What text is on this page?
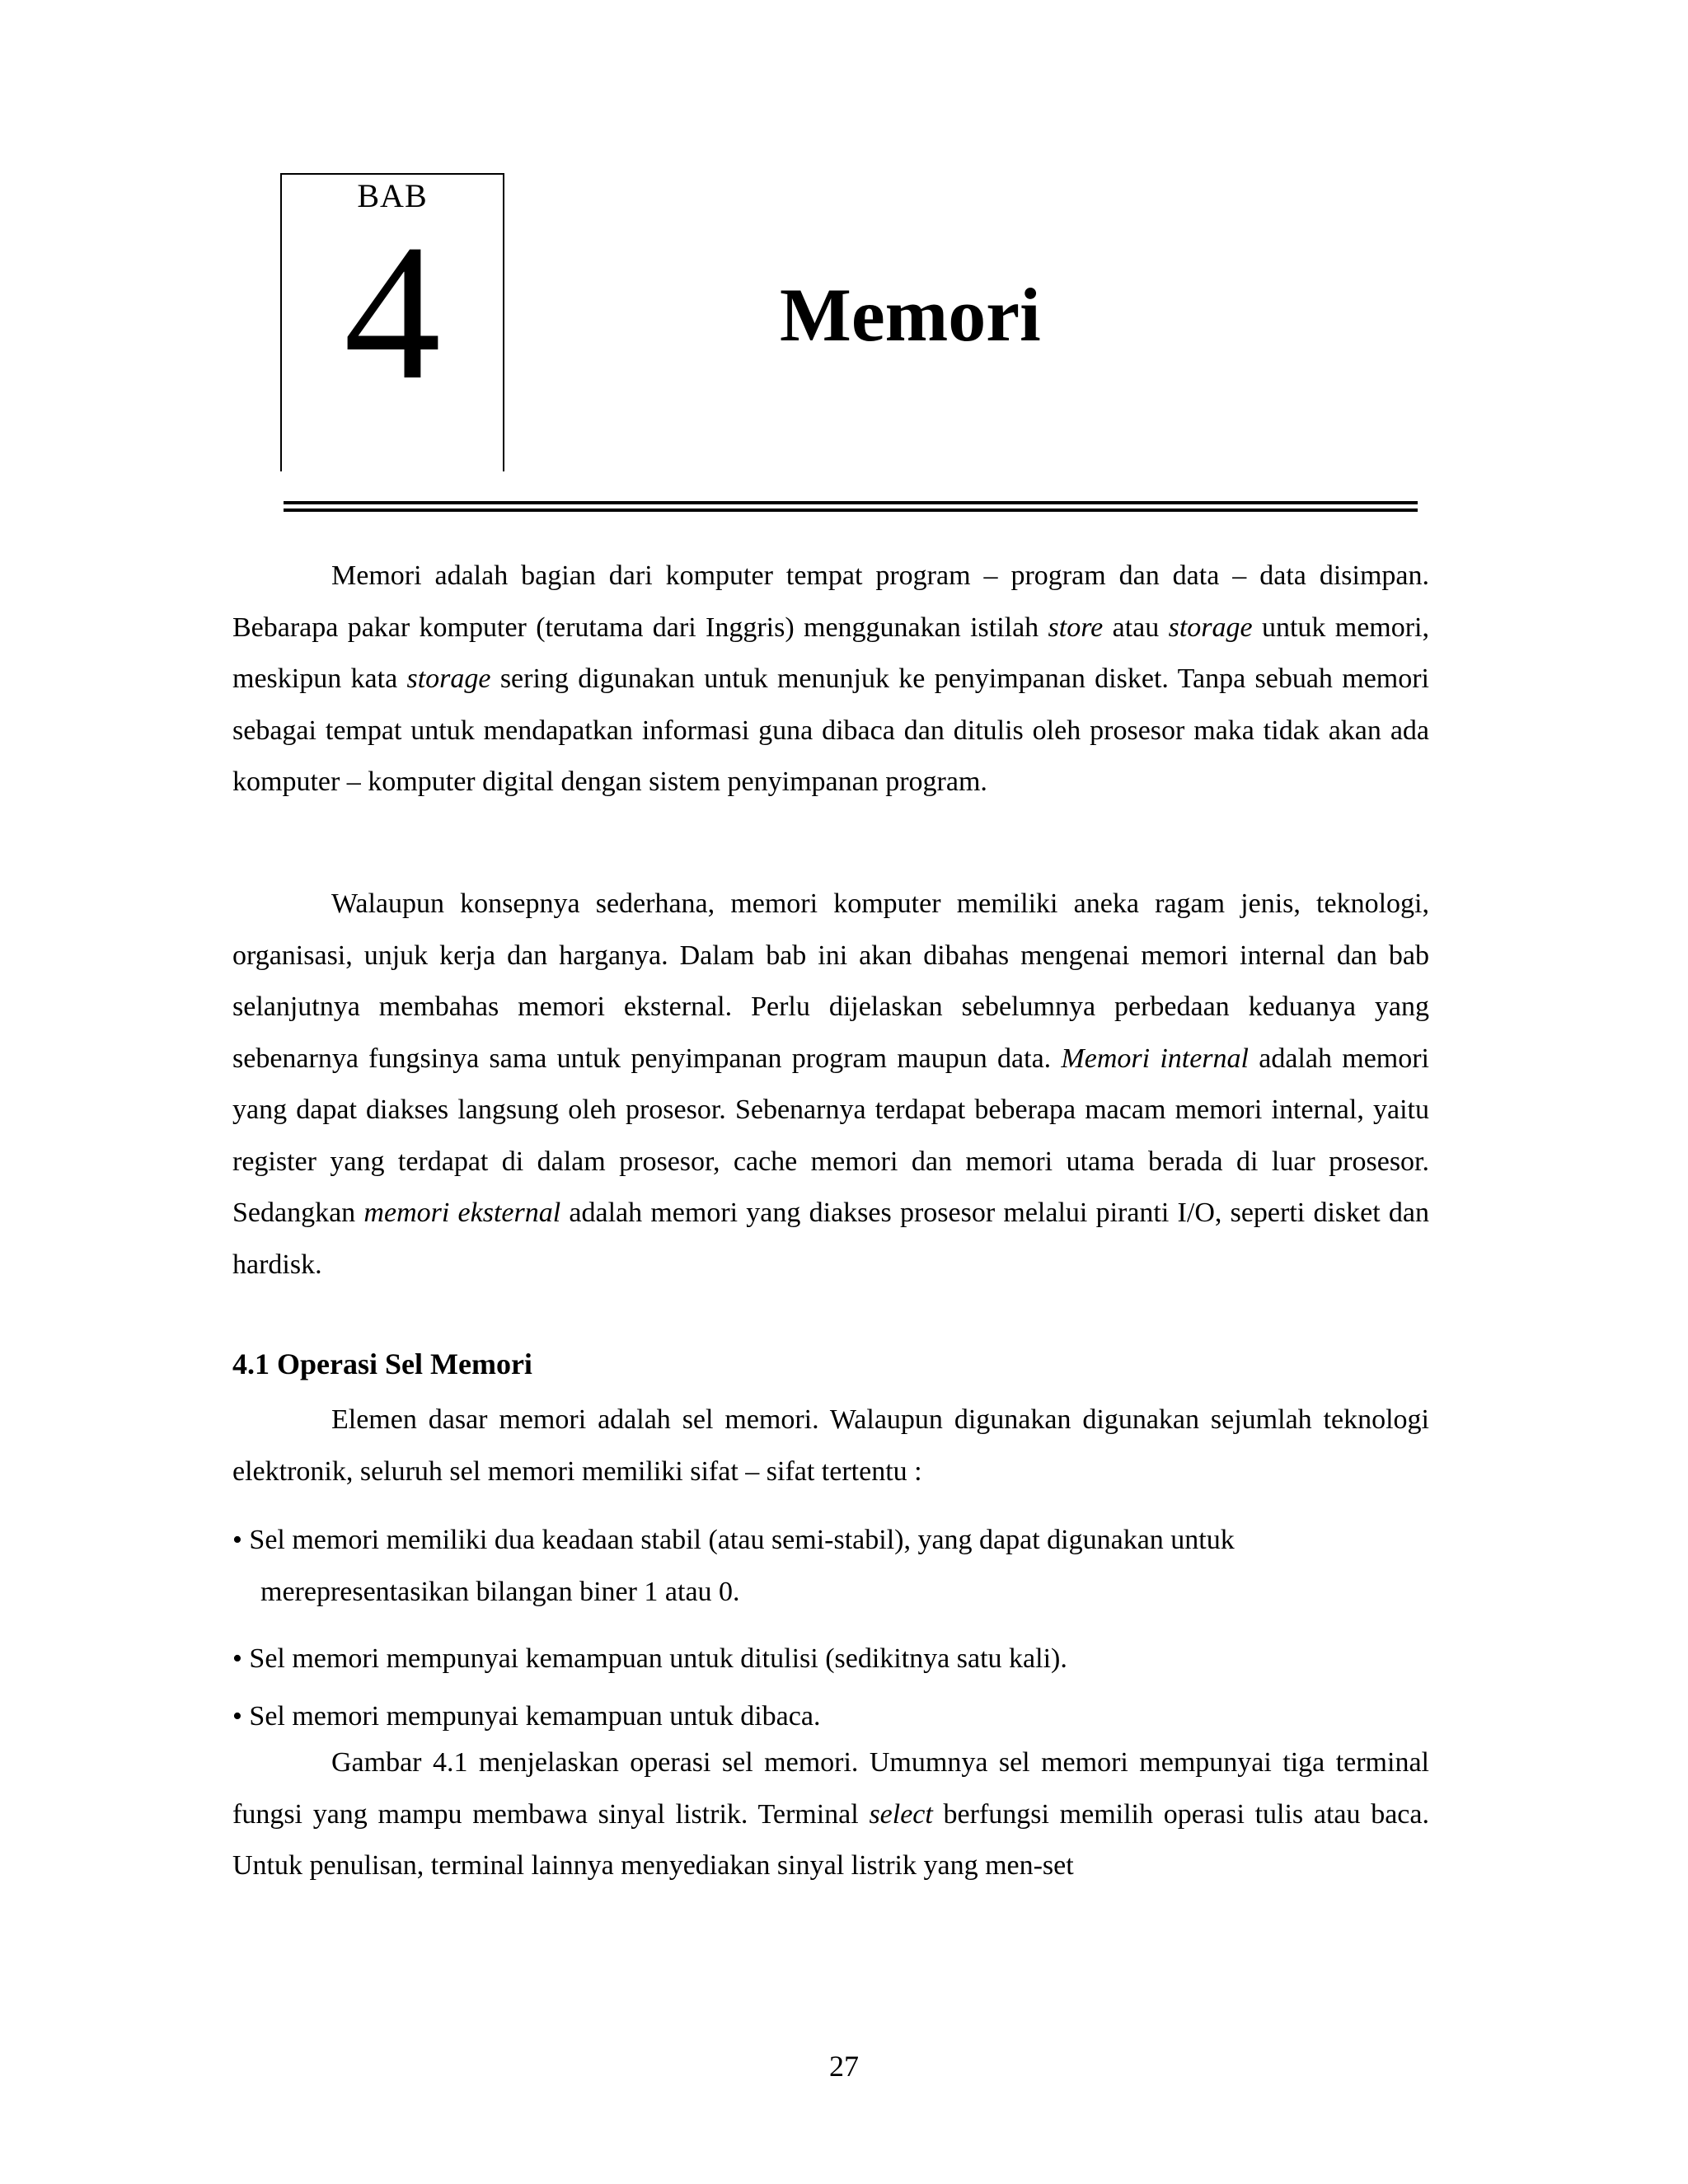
BAB
4	Memori

Memori adalah bagian dari komputer tempat program – program dan data – data disimpan. Bebarapa pakar komputer (terutama dari Inggris) menggunakan istilah store atau storage untuk memori, meskipun kata storage sering digunakan untuk menunjuk ke penyimpanan disket. Tanpa sebuah memori sebagai tempat untuk mendapatkan informasi guna dibaca dan ditulis oleh prosesor maka tidak akan ada komputer – komputer digital dengan sistem penyimpanan program.

Walaupun konsepnya sederhana, memori komputer memiliki aneka ragam jenis, teknologi, organisasi, unjuk kerja dan harganya. Dalam bab ini akan dibahas mengenai memori internal dan bab selanjutnya membahas memori eksternal. Perlu dijelaskan sebelumnya perbedaan keduanya yang sebenarnya fungsinya sama untuk penyimpanan program maupun data. Memori internal adalah memori yang dapat diakses langsung oleh prosesor. Sebenarnya terdapat beberapa macam memori internal, yaitu register yang terdapat di dalam prosesor, cache memori dan memori utama berada di luar prosesor. Sedangkan memori eksternal adalah memori yang diakses prosesor melalui piranti I/O, seperti disket dan hardisk.

4.1 Operasi Sel Memori

Elemen dasar memori adalah sel memori. Walaupun digunakan digunakan sejumlah teknologi elektronik, seluruh sel memori memiliki sifat – sifat tertentu :

• Sel memori memiliki dua keadaan stabil (atau semi-stabil), yang dapat digunakan untuk merepresentasikan bilangan biner 1 atau 0.

• Sel memori mempunyai kemampuan untuk ditulisi (sedikitnya satu kali).

• Sel memori mempunyai kemampuan untuk dibaca.

Gambar 4.1 menjelaskan operasi sel memori. Umumnya sel memori mempunyai tiga terminal fungsi yang mampu membawa sinyal listrik. Terminal select berfungsi memilih operasi tulis atau baca. Untuk penulisan, terminal lainnya menyediakan sinyal listrik yang men-set

27
